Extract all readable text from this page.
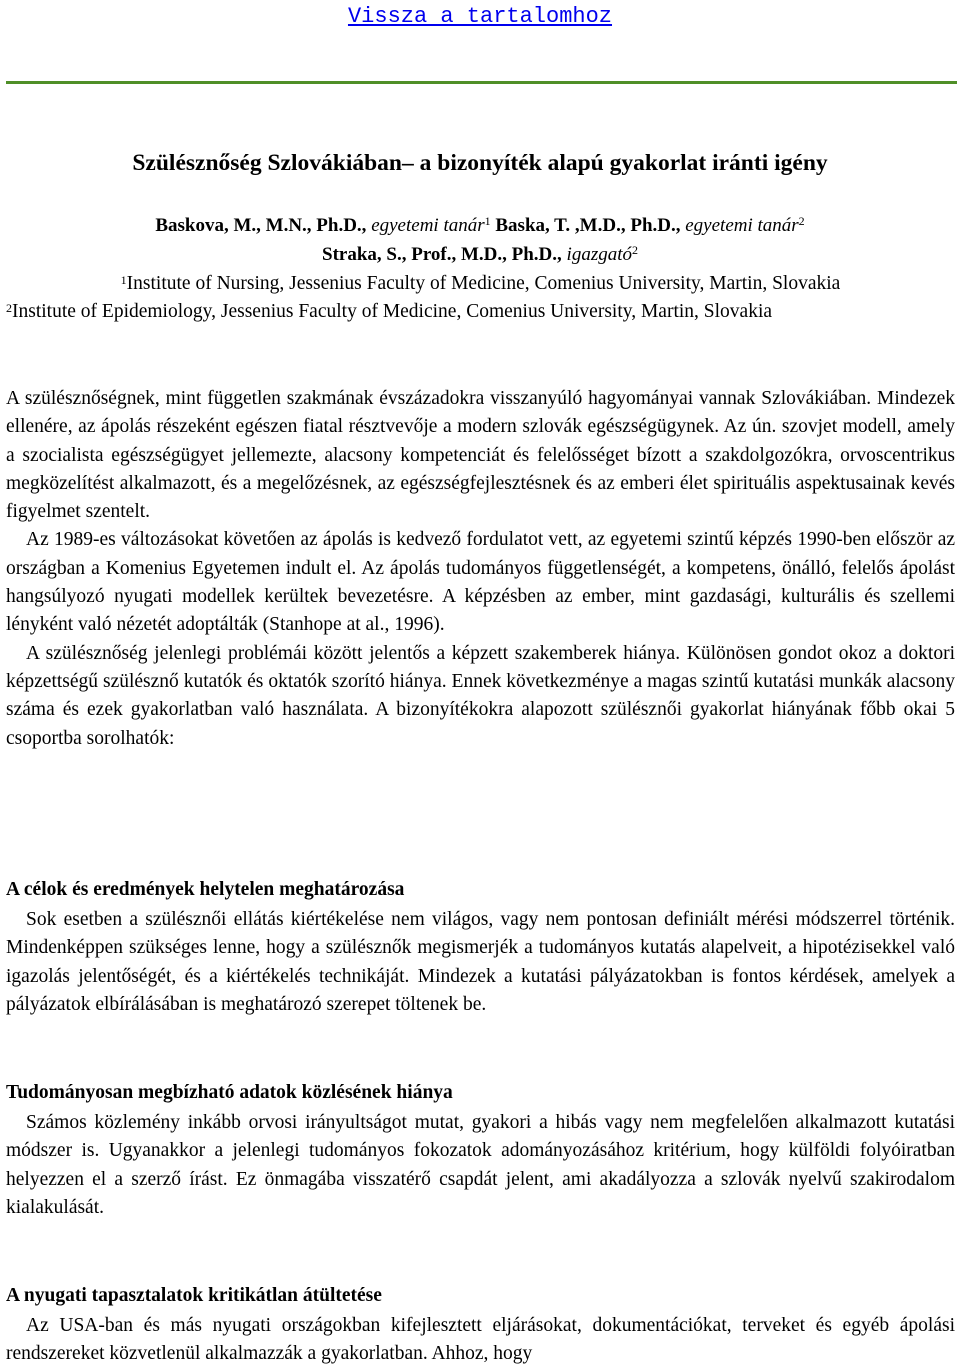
Vissza a tartalomhoz
Szülésznőség Szlovákiában– a bizonyíték alapú gyakorlat iránti igény
Baskova, M., M.N., Ph.D., egyetemi tanár$^1$ Baska, T. ,M.D., Ph.D., egyetemi tanár$^2$
Straka, S., Prof., M.D., Ph.D., igazgató$^2$
$^1$Institute of Nursing, Jessenius Faculty of Medicine, Comenius University, Martin, Slovakia
$^2$Institute of Epidemiology, Jessenius Faculty of Medicine, Comenius University, Martin, Slovakia

A szülésznőségnek, mint független szakmának évszázadokra visszanyúló hagyományai vannak Szlovákiában. Mindezek ellenére, az ápolás részeként egészen fiatal résztvevője a modern szlovák egészségügynek. Az ún. szovjet modell, amely a szocialista egészségügyet jellemezte, alacsony kompetenciát és felelősséget bízott a szakdolgozókra, orvoscentrikus megközelítést alkalmazott, és a megelőzésnek, az egészségfejlesztésnek és az emberi élet spirituális aspektusainak kevés figyelmet szentelt.

Az 1989-es változásokat követően az ápolás is kedvező fordulatot vett, az egyetemi szintű képzés 1990-ben először az országban a Komenius Egyetemen indult el. Az ápolás tudományos függetlenségét, a kompetens, önálló, felelős ápolást hangsúlyozó nyugati modellek kerültek bevezetésre. A képzésben az ember, mint gazdasági, kulturális és szellemi lényként való nézetét adoptálták (Stanhope at al., 1996).

A szülésznőség jelenlegi problémái között jelentős a képzett szakemberek hiánya. Különösen gondot okoz a doktori képzettségű szülésznő kutatók és oktatók szorító hiánya. Ennek következménye a magas szintű kutatási munkák alacsony száma és ezek gyakorlatban való használata. A bizonyítékokra alapozott szülésznői gyakorlat hiányának főbb okai 5 csoportba sorolhatók:

A célok és eredmények helytelen meghatározása

Sok esetben a szülésznői ellátás kiértékelése nem világos, vagy nem pontosan definiált mérési módszerrel történik. Mindenképpen szükséges lenne, hogy a szülésznők megismerjék a tudományos kutatás alapelveit, a hipotézisekkel való igazolás jelentőségét, és a kiértékelés technikáját. Mindezek a kutatási pályázatokban is fontos kérdések, amelyek a pályázatok elbírálásában is meghatározó szerepet töltenek be.

Tudományosan megbízható adatok közlésének hiánya

Számos közlemény inkább orvosi irányultságot mutat, gyakori a hibás vagy nem megfelelően alkalmazott kutatási módszer is. Ugyanakkor a jelenlegi tudományos fokozatok adományozásához kritérium, hogy külföldi folyóiratban helyezzen el a szerző írást. Ez önmagába visszatérő csapdát jelent, ami akadályozza a szlovák nyelvű szakirodalom kialakulását.

A nyugati tapasztalatok kritikátlan átültetése

Az USA-ban és más nyugati országokban kifejlesztett eljárásokat, dokumentációkat, terveket és egyéb ápolási rendszereket közvetlenül alkalmazzák a gyakorlatban. Ahhoz, hogy
